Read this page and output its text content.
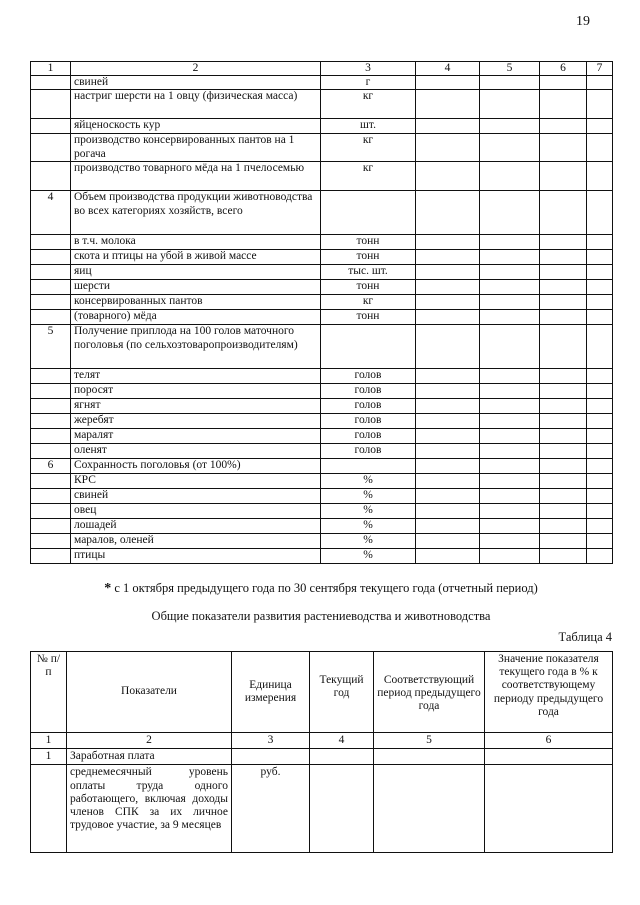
19
1	2	3	4	5	6	7
	свиней	г				
	настриг шерсти на 1 овцу (физическая масса)	кг				
	яйценоскость кур	шт.				
	производство консервированных пантов на 1 рогача	кг				
	производство товарного мёда на 1 пчелосемью	кг				
4	Объем производства продукции животноводства во всех категориях хозяйств, всего					
	в т.ч. молока	тонн				
	скота и птицы на убой в живой массе	тонн				
	яиц	тыс. шт.				
	шерсти	тонн				
	консервированных пантов	кг				
	(товарного) мёда	тонн				
5	Получение приплода на 100 голов маточного поголовья (по сельхозтоваропроизводителям)					
	телят	голов				
	поросят	голов				
	ягнят	голов				
	жеребят	голов				
	маралят	голов				
	оленят	голов				
6	Сохранность поголовья (от 100%)					
	КРС	%				
	свиней	%				
	овец	%				
	лошадей	%				
	маралов, оленей	%				
	птицы	%				
* с 1 октября предыдущего года по 30 сентября текущего года (отчетный период)
Общие показатели развития растениеводства и животноводства
Таблица 4
№ п/п	Показатели	Единица измерения	Текущий год	Соответствующий период предыдущего года	Значение показателя текущего года в % к соответствующему периоду предыдущего года
1	2	3	4	5	6
1	Заработная плата				
	среднемесячный уровень оплаты труда одного работающего, включая доходы членов СПК за их личное трудовое участие, за 9 месяцев	руб.			
